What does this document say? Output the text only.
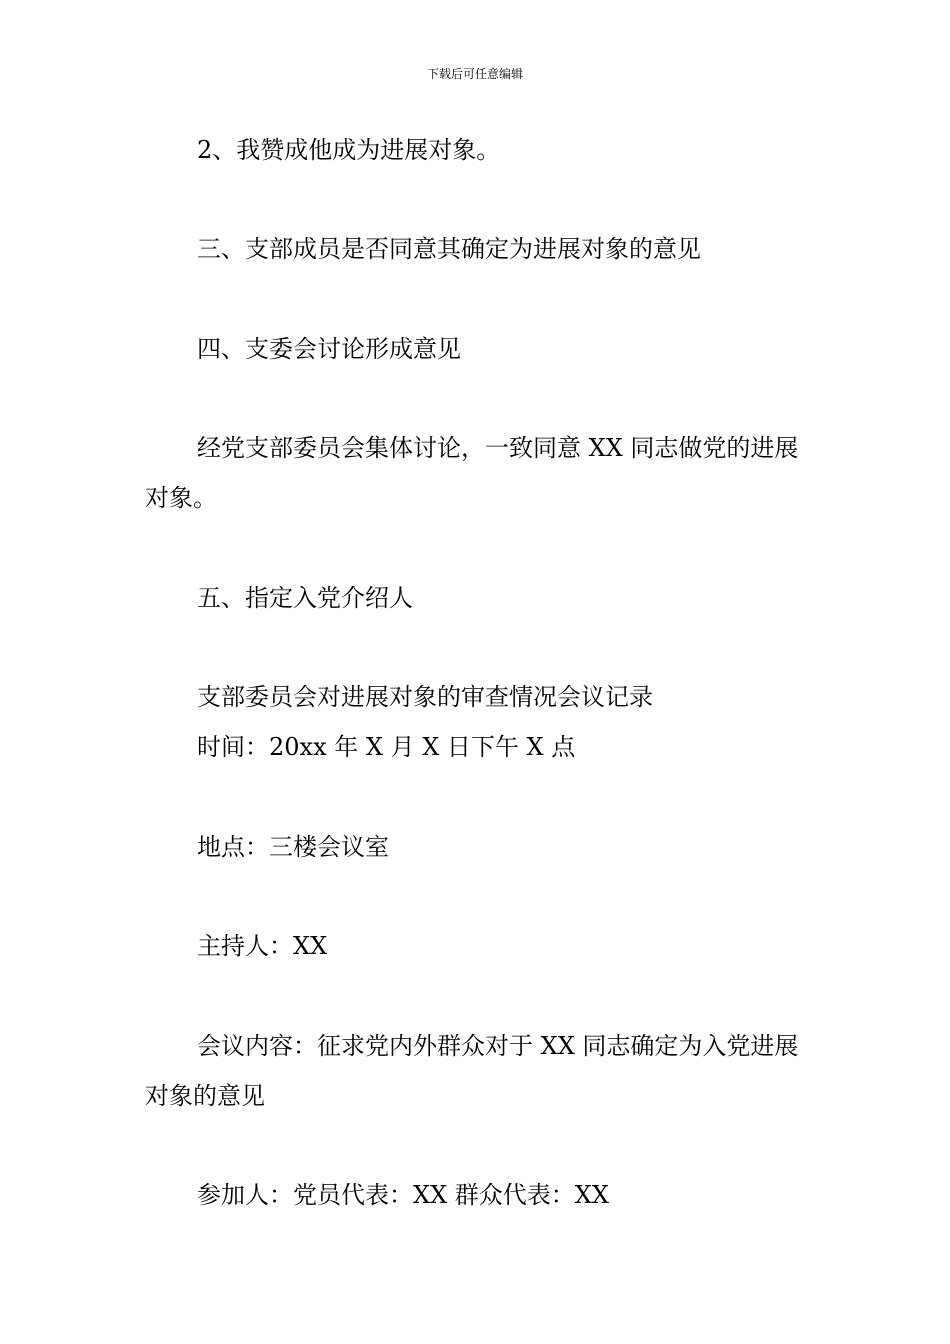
下载后可任意编辑
2、我赞成他成为进展对象。
三、支部成员是否同意其确定为进展对象的意见
四、支委会讨论形成意见
经党支部委员会集体讨论，一致同意 XX 同志做党的进展对象。
五、指定入党介绍人
支部委员会对进展对象的审查情况会议记录
时间：20xx 年 X 月 X 日下午 X 点
地点：三楼会议室
主持人：XX
会议内容：征求党内外群众对于 XX 同志确定为入党进展对象的意见
参加人：党员代表：XX 群众代表：XX
